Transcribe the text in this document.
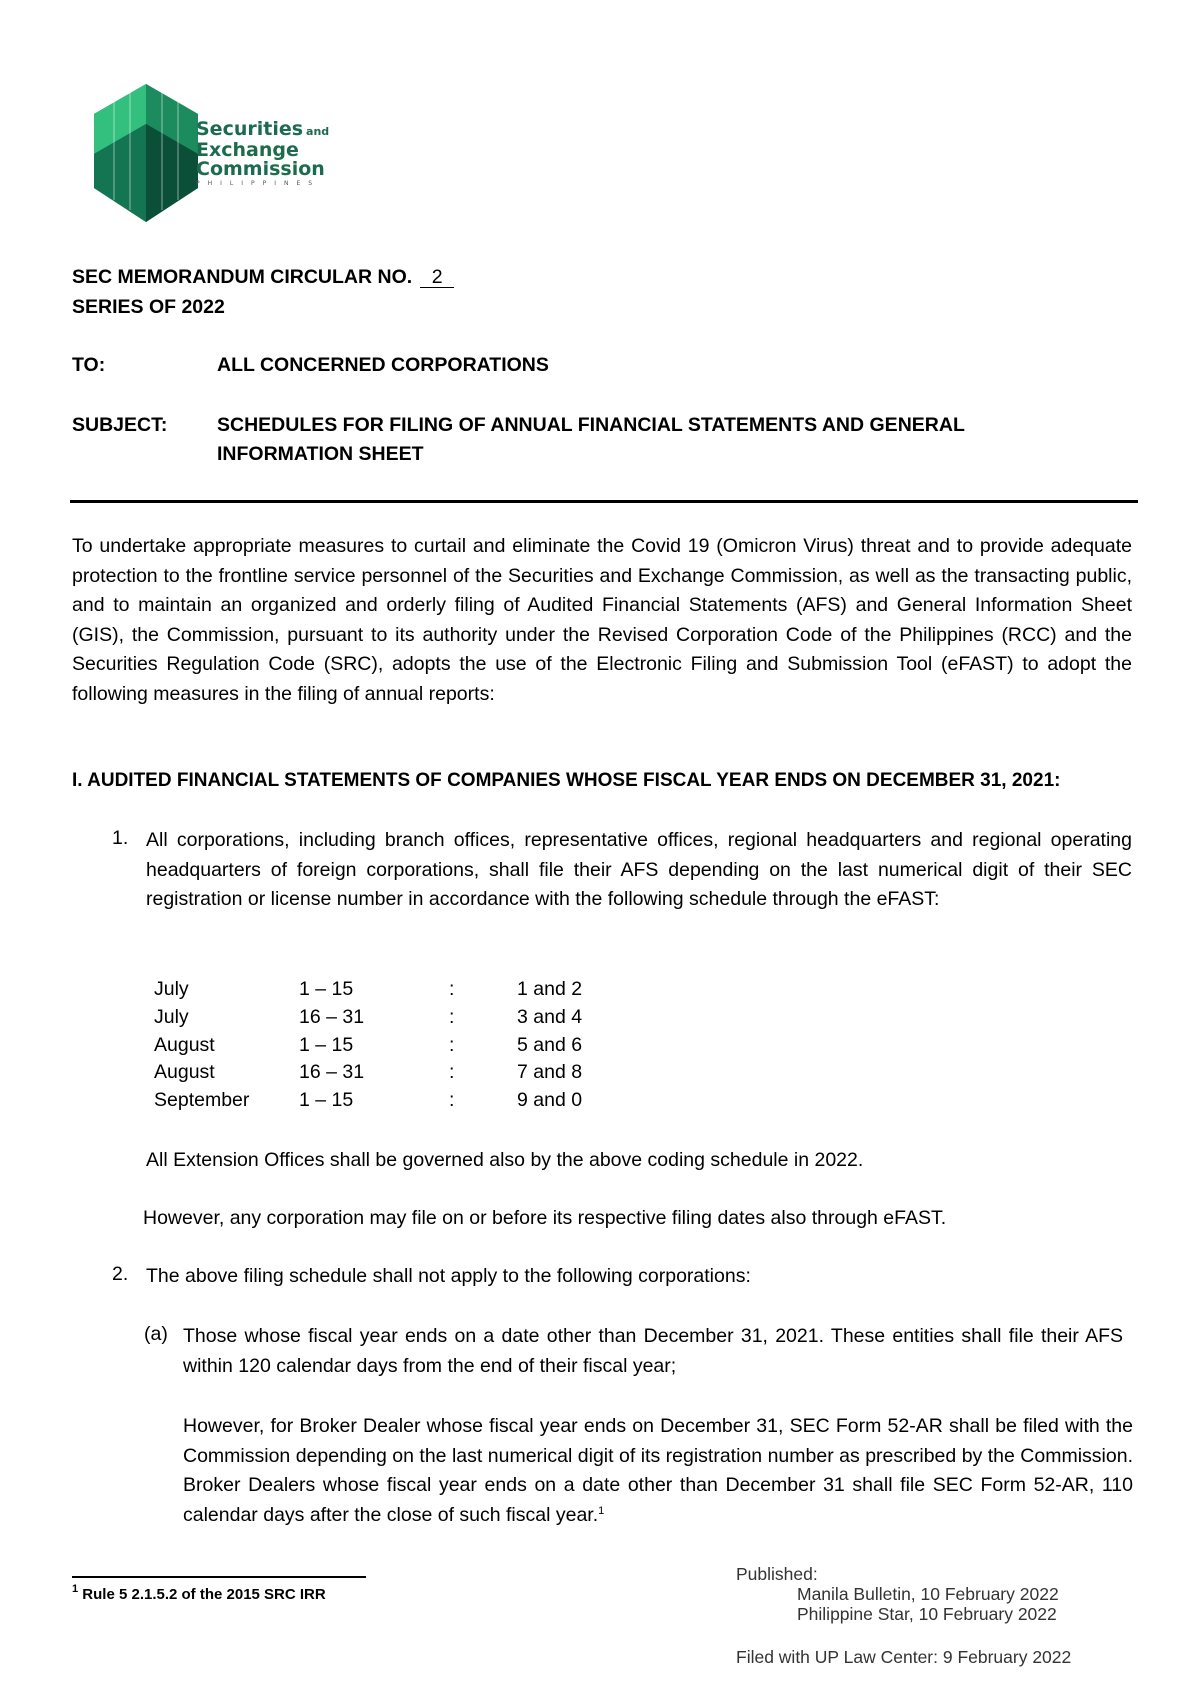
Securities and
Exchange
Commission
PHILIPPINES
SEC MEMORANDUM CIRCULAR NO. 2
SERIES OF 2022
TO:	ALL CONCERNED CORPORATIONS
SUBJECT:	SCHEDULES FOR FILING OF ANNUAL FINANCIAL STATEMENTS AND GENERAL
INFORMATION SHEET
To undertake appropriate measures to curtail and eliminate the Covid 19 (Omicron Virus) threat and to provide adequate protection to the frontline service personnel of the Securities and Exchange Commission, as well as the transacting public, and to maintain an organized and orderly filing of Audited Financial Statements (AFS) and General Information Sheet (GIS), the Commission, pursuant to its authority under the Revised Corporation Code of the Philippines (RCC) and the Securities Regulation Code (SRC), adopts the use of the Electronic Filing and Submission Tool (eFAST) to adopt the following measures in the filing of annual reports:
I. AUDITED FINANCIAL STATEMENTS OF COMPANIES WHOSE FISCAL YEAR ENDS ON DECEMBER 31, 2021:
1. All corporations, including branch offices, representative offices, regional headquarters and regional operating headquarters of foreign corporations, shall file their AFS depending on the last numerical digit of their SEC registration or license number in accordance with the following schedule through the eFAST:
July	1 – 15	:	1 and 2
July	16 – 31	:	3 and 4
August	1 – 15	:	5 and 6
August	16 – 31	:	7 and 8
September	1 – 15	:	9 and 0
All Extension Offices shall be governed also by the above coding schedule in 2022.
However, any corporation may file on or before its respective filing dates also through eFAST.
2. The above filing schedule shall not apply to the following corporations:
(a) Those whose fiscal year ends on a date other than December 31, 2021. These entities shall file their AFS within 120 calendar days from the end of their fiscal year;
However, for Broker Dealer whose fiscal year ends on December 31, SEC Form 52-AR shall be filed with the Commission depending on the last numerical digit of its registration number as prescribed by the Commission. Broker Dealers whose fiscal year ends on a date other than December 31 shall file SEC Form 52-AR, 110 calendar days after the close of such fiscal year.$^1$
$^1$ Rule 5 2.1.5.2 of the 2015 SRC IRR
Published:
Manila Bulletin, 10 February 2022
Philippine Star, 10 February 2022
Filed with UP Law Center: 9 February 2022
